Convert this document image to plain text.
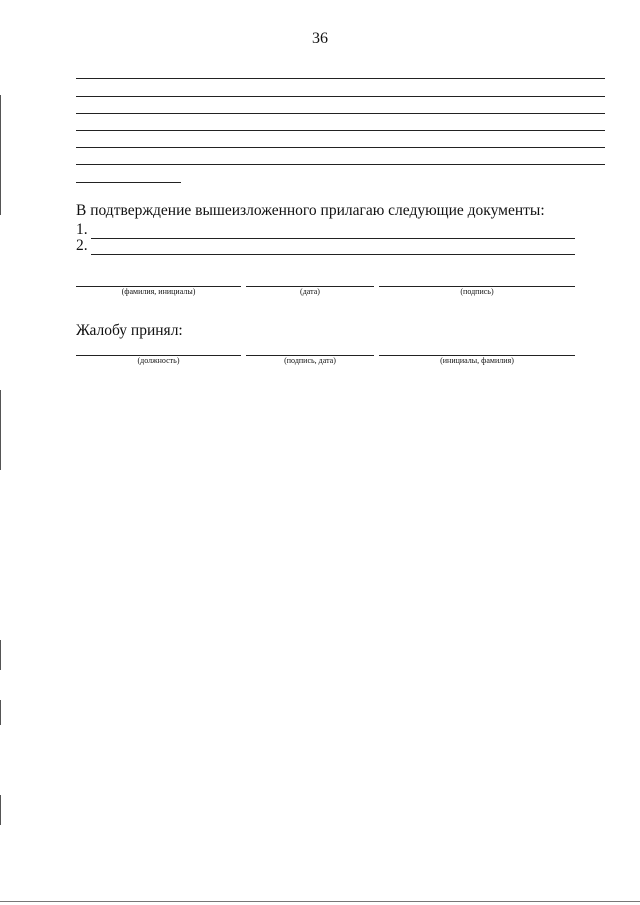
36
В подтверждение вышеизложенного прилагаю следующие документы:
1.
2.
(фамилия, инициалы)	(дата)	(подпись)
Жалобу принял:
(должность)	(подпись, дата)	(инициалы, фамилия)
